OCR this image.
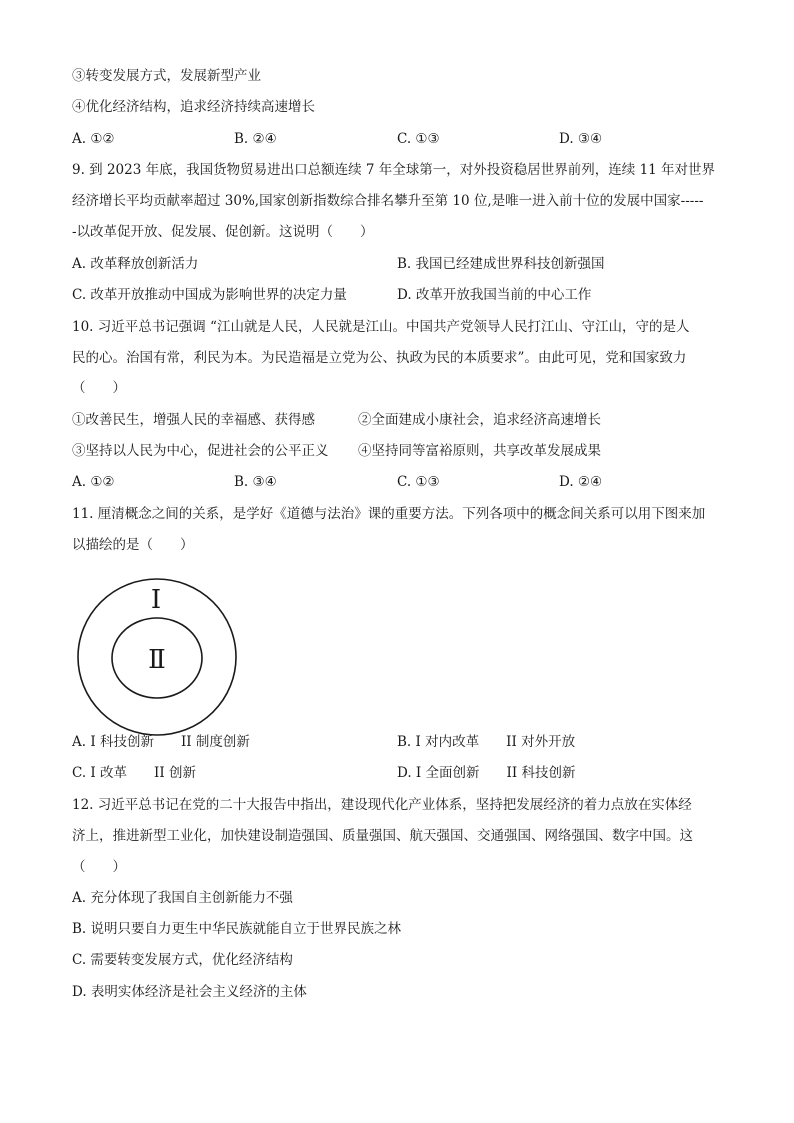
③转变发展方式，发展新型产业
④优化经济结构，追求经济持续高速增长
A. ①②	B. ②④	C. ①③	D. ③④
9. 到 2023 年底，我国货物贸易进出口总额连续 7 年全球第一，对外投资稳居世界前列，连续 11 年对世界
经济增长平均贡献率超过 30%,国家创新指数综合排名攀升至第 10 位,是唯一进入前十位的发展中国家-----
-以改革促开放、促发展、促创新。这说明（　　）
A. 改革释放创新活力	B. 我国已经建成世界科技创新强国
C. 改革开放推动中国成为影响世界的决定力量	D. 改革开放我国当前的中心工作
10. 习近平总书记强调 “江山就是人民，人民就是江山。中国共产党领导人民打江山、守江山，守的是人
民的心。治国有常，利民为本。为民造福是立党为公、执政为民的本质要求”。由此可见，党和国家致力
（　　）
①改善民生，增强人民的幸福感、获得感	②全面建成小康社会，追求经济高速增长
③坚持以人民为中心，促进社会的公平正义 ④坚持同等富裕原则，共享改革发展成果
A. ①②	B. ③④	C. ①③	D. ②④
11. 厘清概念之间的关系，是学好《道德与法治》课的重要方法。下列各项中的概念间关系可以用下图来加
以描绘的是（　　）
I
Ⅱ
A. I 科技创新　　II 制度创新	B. I 对内改革　　II 对外开放
C. I 改革　　II 创新	D. I 全面创新　　II 科技创新
12. 习近平总书记在党的二十大报告中指出，建设现代化产业体系，坚持把发展经济的着力点放在实体经
济上，推进新型工业化，加快建设制造强国、质量强国、航天强国、交通强国、网络强国、数字中国。这
（　　）
A. 充分体现了我国自主创新能力不强
B. 说明只要自力更生中华民族就能自立于世界民族之林
C. 需要转变发展方式，优化经济结构
D. 表明实体经济是社会主义经济的主体
